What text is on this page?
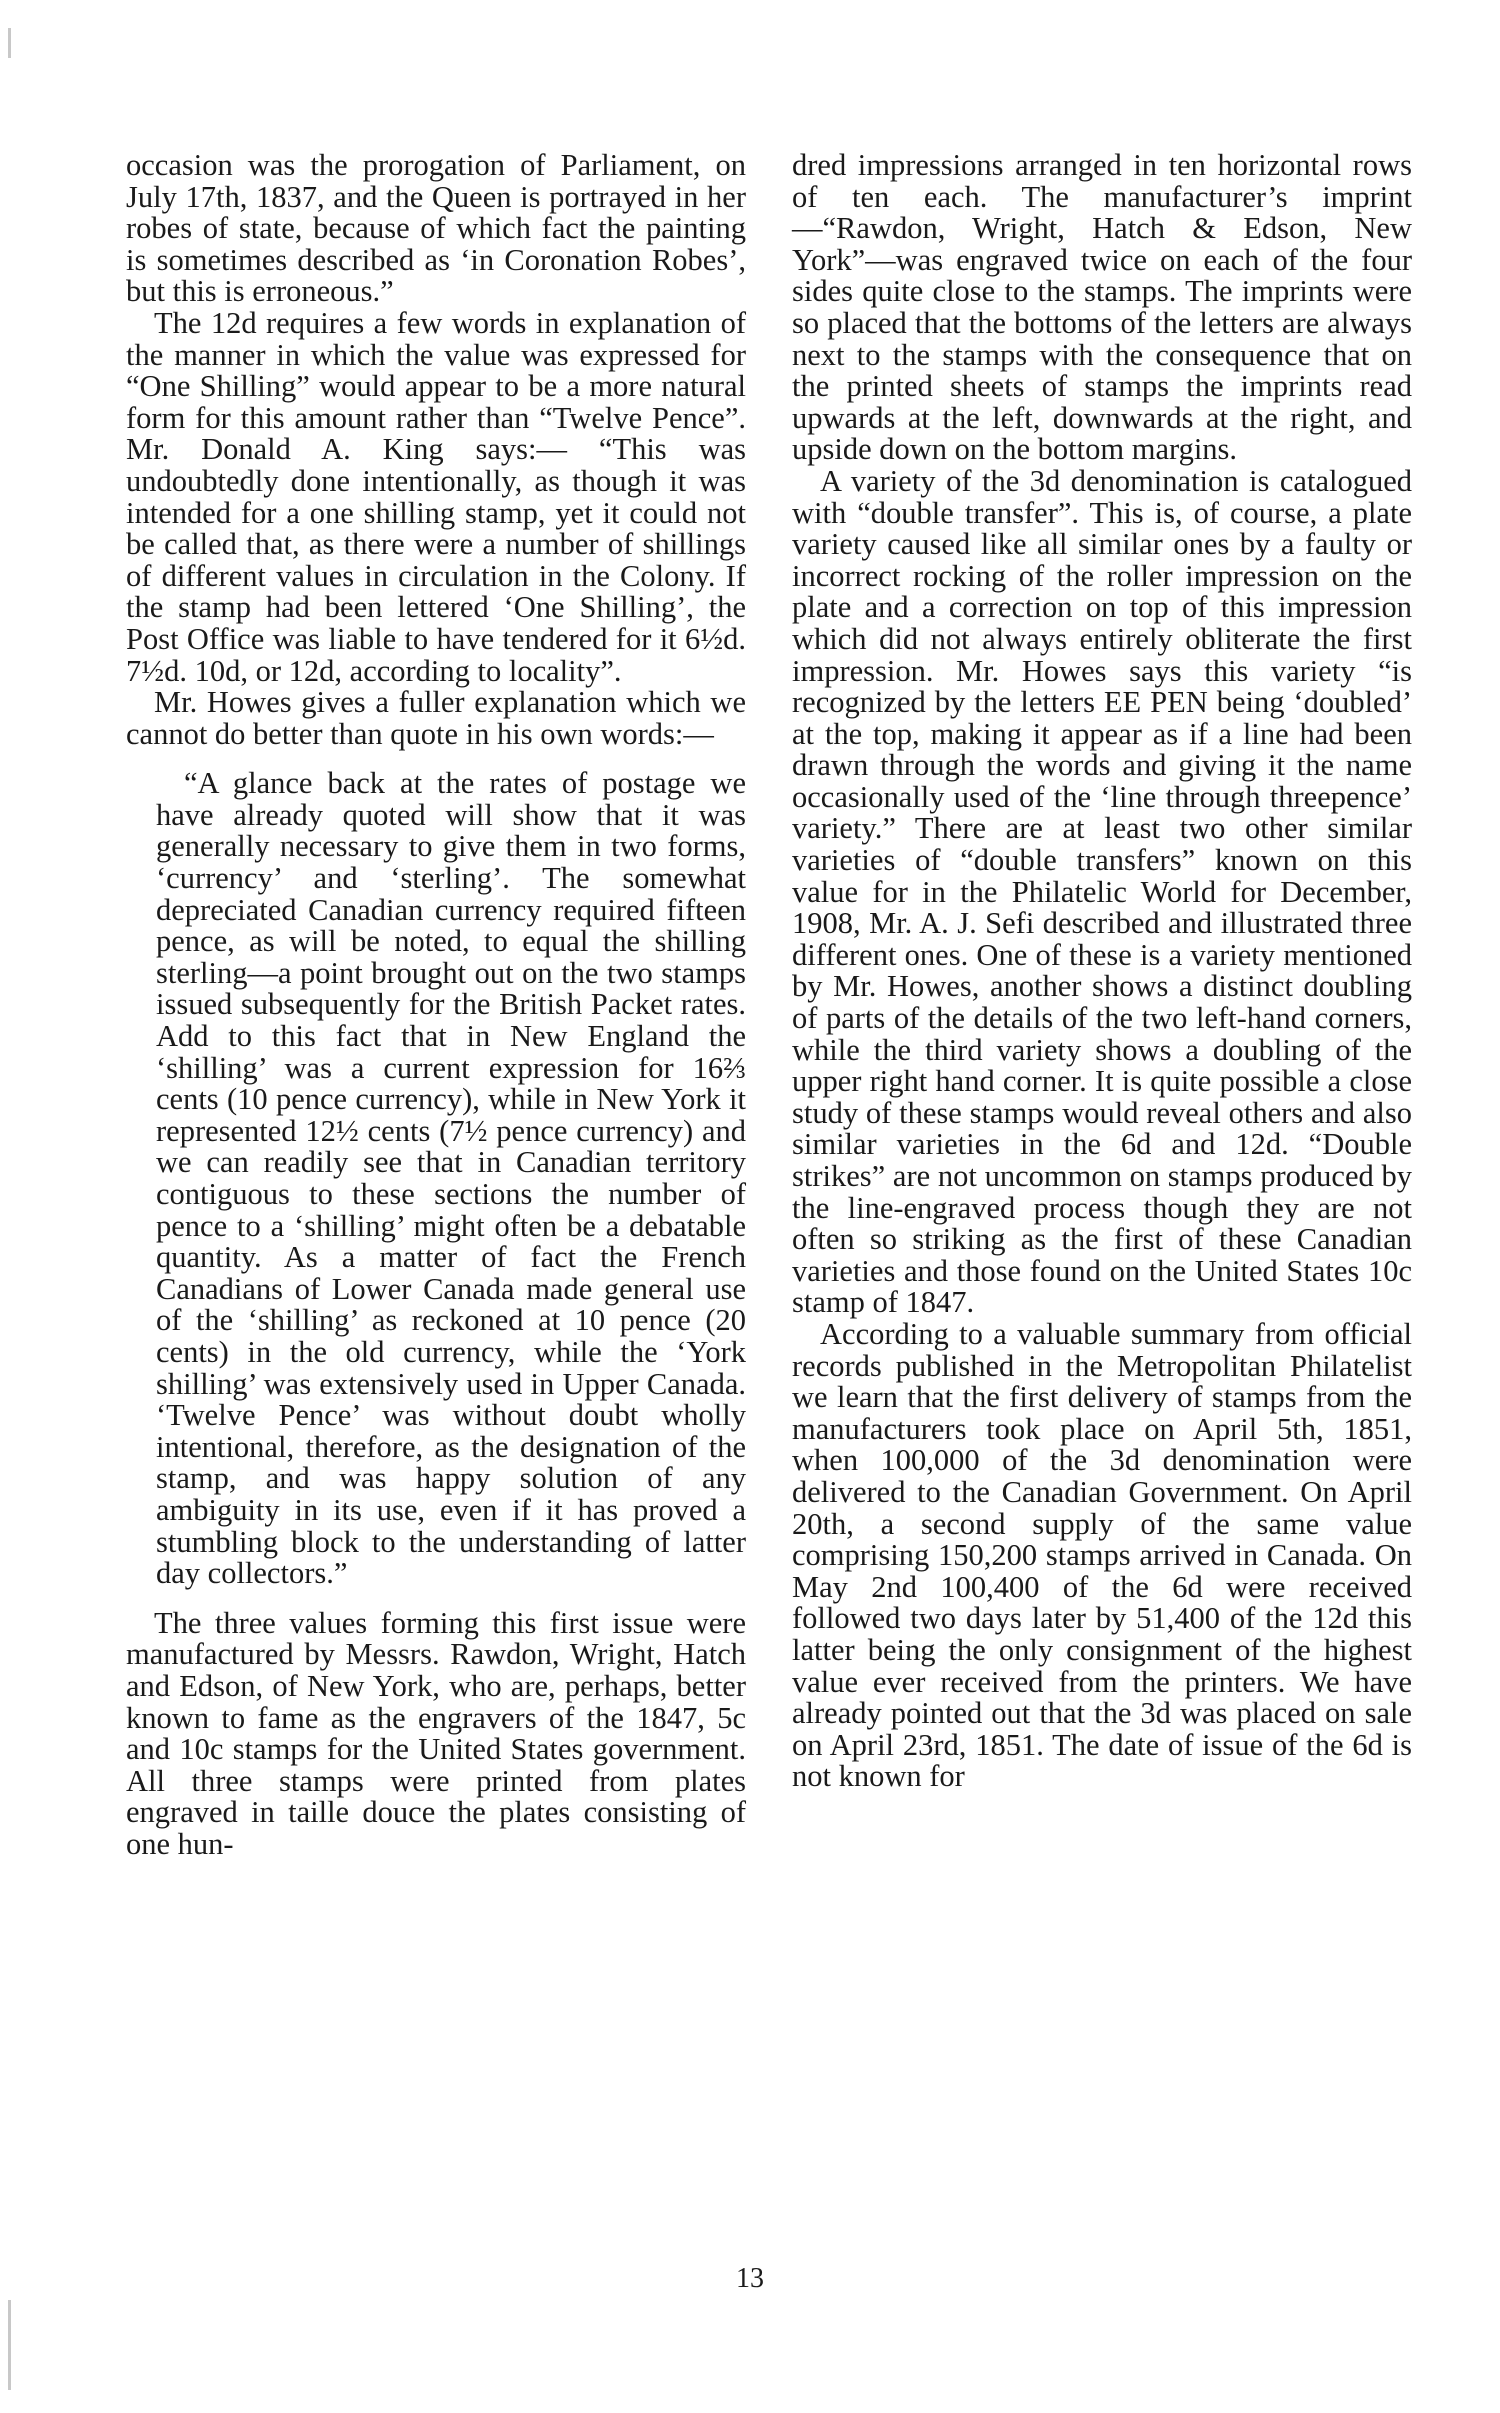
occasion was the prorogation of Parliament, on July 17th, 1837, and the Queen is portrayed in her robes of state, because of which fact the painting is sometimes described as ‘in Coronation Robes’, but this is erroneous.”

The 12d requires a few words in explanation of the manner in which the value was expressed for “One Shilling” would appear to be a more natural form for this amount rather than “Twelve Pence”. Mr. Donald A. King says:— “This was undoubtedly done intentionally, as though it was intended for a one shilling stamp, yet it could not be called that, as there were a number of shillings of different values in circulation in the Colony. If the stamp had been lettered ‘One Shilling’, the Post Office was liable to have tendered for it 6½d. 7½d. 10d, or 12d, according to locality”.

Mr. Howes gives a fuller explanation which we cannot do better than quote in his own words:—

“A glance back at the rates of postage we have already quoted will show that it was generally necessary to give them in two forms, ‘currency’ and ‘sterling’. The somewhat depreciated Canadian currency required fifteen pence, as will be noted, to equal the shilling sterling—a point brought out on the two stamps issued subsequently for the British Packet rates. Add to this fact that in New England the ‘shilling’ was a current expression for 16⅔ cents (10 pence currency), while in New York it represented 12½ cents (7½ pence currency) and we can readily see that in Canadian territory contiguous to these sections the number of pence to a ‘shilling’ might often be a debatable quantity. As a matter of fact the French Canadians of Lower Canada made general use of the ‘shilling’ as reckoned at 10 pence (20 cents) in the old currency, while the ‘York shilling’ was extensively used in Upper Canada. ‘Twelve Pence’ was without doubt wholly intentional, therefore, as the designation of the stamp, and was happy solution of any ambiguity in its use, even if it has proved a stumbling block to the understanding of latter day collectors.”

The three values forming this first issue were manufactured by Messrs. Rawdon, Wright, Hatch and Edson, of New York, who are, perhaps, better known to fame as the engravers of the 1847, 5c and 10c stamps for the United States government. All three stamps were printed from plates engraved in taille douce the plates consisting of one hun-

dred impressions arranged in ten horizontal rows of ten each. The manufacturer’s imprint—“Rawdon, Wright, Hatch & Edson, New York”—was engraved twice on each of the four sides quite close to the stamps. The imprints were so placed that the bottoms of the letters are always next to the stamps with the consequence that on the printed sheets of stamps the imprints read upwards at the left, downwards at the right, and upside down on the bottom margins.

A variety of the 3d denomination is catalogued with “double transfer”. This is, of course, a plate variety caused like all similar ones by a faulty or incorrect rocking of the roller impression on the plate and a correction on top of this impression which did not always entirely obliterate the first impression. Mr. Howes says this variety “is recognized by the letters EE PEN being ‘doubled’ at the top, making it appear as if a line had been drawn through the words and giving it the name occasionally used of the ‘line through threepence’ variety.” There are at least two other similar varieties of “double transfers” known on this value for in the Philatelic World for December, 1908, Mr. A. J. Sefi described and illustrated three different ones. One of these is a variety mentioned by Mr. Howes, another shows a distinct doubling of parts of the details of the two left-hand corners, while the third variety shows a doubling of the upper right hand corner. It is quite possible a close study of these stamps would reveal others and also similar varieties in the 6d and 12d. “Double strikes” are not uncommon on stamps produced by the line-engraved process though they are not often so striking as the first of these Canadian varieties and those found on the United States 10c stamp of 1847.

According to a valuable summary from official records published in the Metropolitan Philatelist we learn that the first delivery of stamps from the manufacturers took place on April 5th, 1851, when 100,000 of the 3d denomination were delivered to the Canadian Government. On April 20th, a second supply of the same value comprising 150,200 stamps arrived in Canada. On May 2nd 100,400 of the 6d were received followed two days later by 51,400 of the 12d this latter being the only consignment of the highest value ever received from the printers. We have already pointed out that the 3d was placed on sale on April 23rd, 1851. The date of issue of the 6d is not known for

13
